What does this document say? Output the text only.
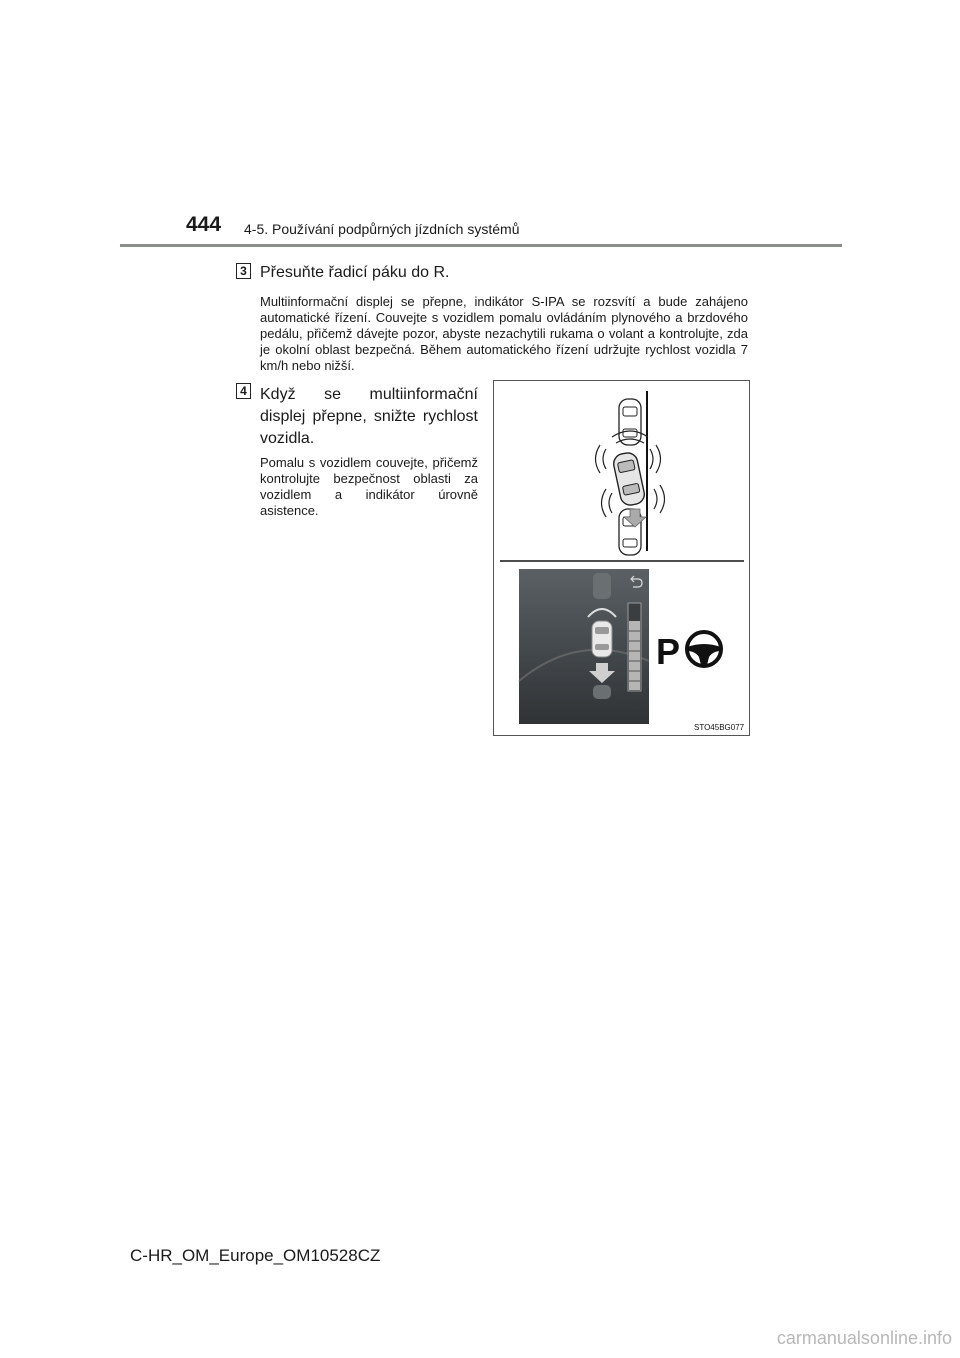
444 4-5. Používání podpůrných jízdních systémů
3 Přesuňte řadicí páku do R.
Multiinformační displej se přepne, indikátor S-IPA se rozsvítí a bude zahájeno automatické řízení. Couvejte s vozidlem pomalu ovládáním plynového a brzdového pedálu, přičemž dávejte pozor, abyste nezachytili rukama o volant a kontrolujte, zda je okolní oblast bezpečná. Během automatického řízení udržujte rychlost vozidla 7 km/h nebo nižší.
4 Když se multiinformační displej přepne, snižte rychlost vozidla.
Pomalu s vozidlem couvejte, přičemž kontrolujte bezpečnost oblasti za vozidlem a indikátor úrovně asistence.
P
STO45BG077
C-HR_OM_Europe_OM10528CZ
carmanualsonline.info
